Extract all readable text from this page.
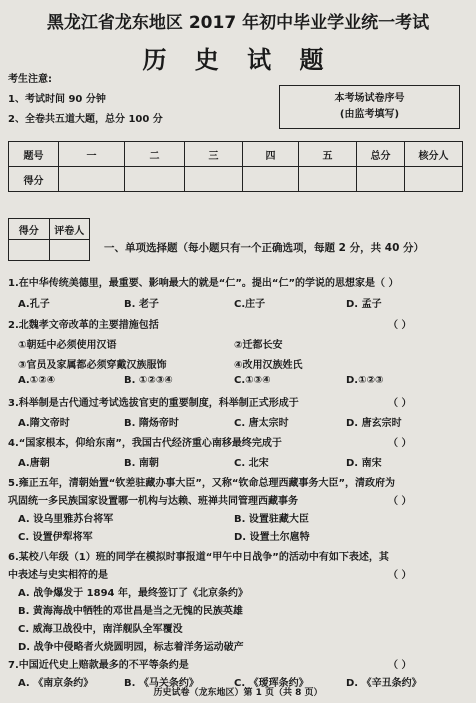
黑龙江省龙东地区 2017 年初中毕业学业统一考试
历 史 试 题
考生注意:
1、考试时间 90 分钟
2、全卷共五道大题，总分 100 分
本考场试卷序号
(由监考填写)
题号	一	二	三	四	五	总分	核分人
得分							
得分	评卷人

一、单项选择题（每小题只有一个正确选项，每题 2 分，共 40 分）
1.在中华传统美德里，最重要、影响最大的就是“仁”。提出“仁”的学说的思想家是（ ）
A.孔子	B. 老子	C.庄子	D. 孟子
2.北魏孝文帝改革的主要措施包括	（ ）
①朝廷中必须使用汉语	②迁都长安
③官员及家属都必须穿戴汉族服饰	④改用汉族姓氏
A.①②④	B. ①②③④	C.①③④	D.①②③
3.科举制是古代通过考试选拔官吏的重要制度，科举制正式形成于	（ ）
A.隋文帝时	B. 隋炀帝时	C. 唐太宗时	D. 唐玄宗时
4.“国家根本，仰给东南”，我国古代经济重心南移最终完成于	（ ）
A.唐朝	B. 南朝	C. 北宋	D. 南宋
5.雍正五年，清朝始置“钦差驻藏办事大臣”，又称“钦命总理西藏事务大臣”，清政府为
巩固统一多民族国家设置哪一机构与达赖、班禅共同管理西藏事务	（ ）
A. 设乌里雅苏台将军	B. 设置驻藏大臣
C. 设置伊犁将军	D. 设置土尔扈特
6.某校八年级（1）班的同学在模拟时事报道“甲午中日战争”的活动中有如下表述，其
中表述与史实相符的是	（ ）
A. 战争爆发于 1894 年，最终签订了《北京条约》
B. 黄海海战中牺牲的邓世昌是当之无愧的民族英雄
C. 威海卫战役中，南洋舰队全军覆没
D. 战争中侵略者火烧圆明园，标志着洋务运动破产
7.中国近代史上赔款最多的不平等条约是	（ ）
A. 《南京条约》	B. 《马关条约》	C. 《瑷珲条约》	D. 《辛丑条约》
历史试卷（龙东地区）第 1 页（共 8 页）
